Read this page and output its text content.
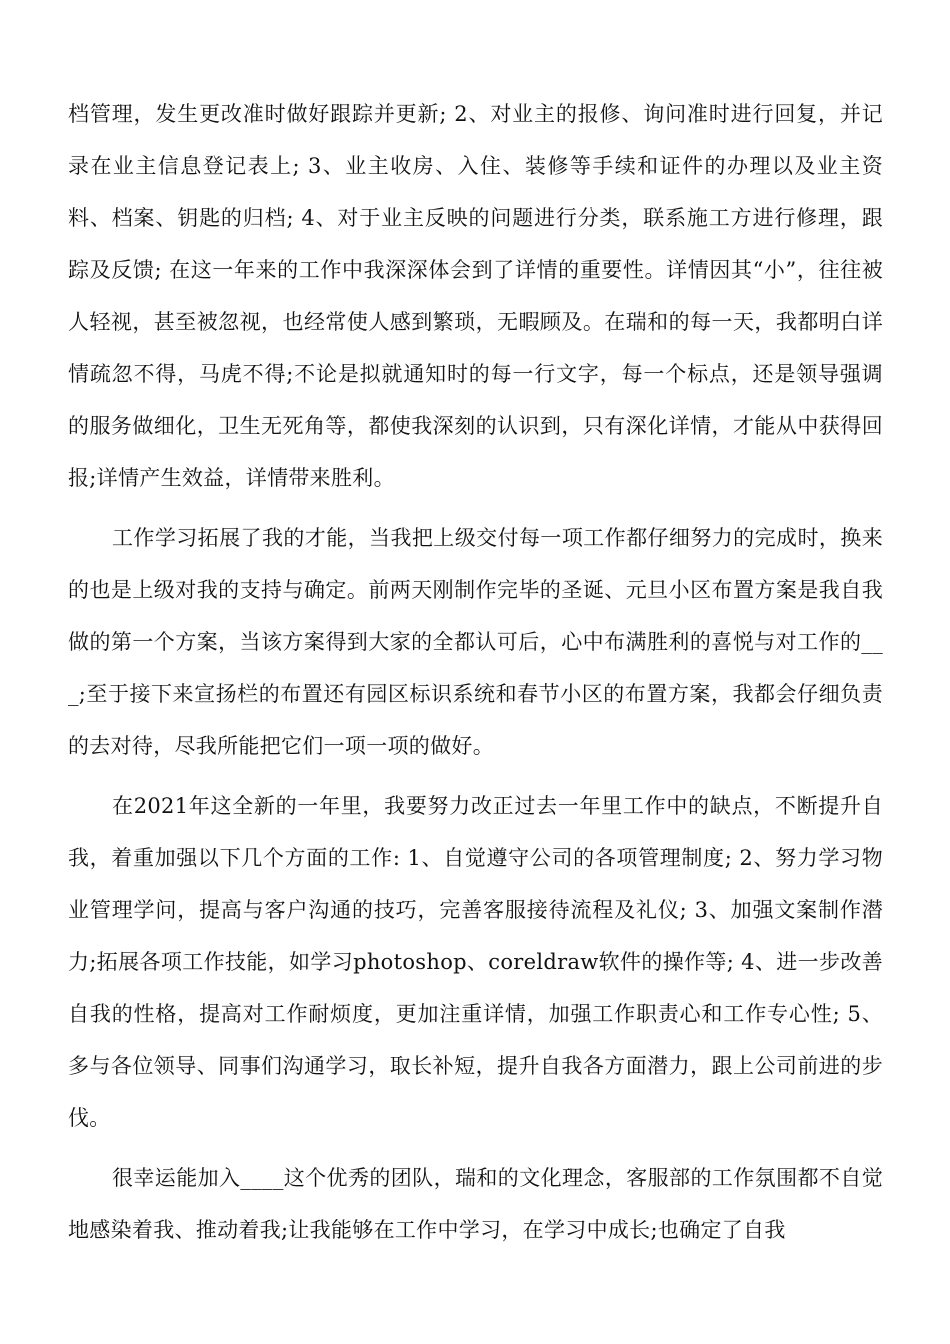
档管理，发生更改准时做好跟踪并更新; 2、对业主的报修、询问准时进行回复，并记录在业主信息登记表上; 3、业主收房、入住、装修等手续和证件的办理以及业主资料、档案、钥匙的归档; 4、对于业主反映的问题进行分类，联系施工方进行修理，跟踪及反馈; 在这一年来的工作中我深深体会到了详情的重要性。详情因其“小”，往往被人轻视，甚至被忽视，也经常使人感到繁琐，无暇顾及。在瑞和的每一天，我都明白详情疏忽不得，马虎不得;不论是拟就通知时的每一行文字，每一个标点，还是领导强调的服务做细化，卫生无死角等，都使我深刻的认识到，只有深化详情，才能从中获得回报;详情产生效益，详情带来胜利。

工作学习拓展了我的才能，当我把上级交付每一项工作都仔细努力的完成时，换来的也是上级对我的支持与确定。前两天刚制作完毕的圣诞、元旦小区布置方案是我自我做的第一个方案，当该方案得到大家的全都认可后，心中布满胜利的喜悦与对工作的___;至于接下来宣扬栏的布置还有园区标识系统和春节小区的布置方案，我都会仔细负责的去对待，尽我所能把它们一项一项的做好。

在2021年这全新的一年里，我要努力改正过去一年里工作中的缺点，不断提升自我，着重加强以下几个方面的工作: 1、自觉遵守公司的各项管理制度; 2、努力学习物业管理学问，提高与客户沟通的技巧，完善客服接待流程及礼仪; 3、加强文案制作潜力;拓展各项工作技能，如学习photoshop、coreldraw软件的操作等; 4、进一步改善自我的性格，提高对工作耐烦度，更加注重详情，加强工作职责心和工作专心性; 5、多与各位领导、同事们沟通学习，取长补短，提升自我各方面潜力，跟上公司前进的步伐。

很幸运能加入____这个优秀的团队，瑞和的文化理念，客服部的工作氛围都不自觉地感染着我、推动着我;让我能够在工作中学习，在学习中成长;也确定了自我
